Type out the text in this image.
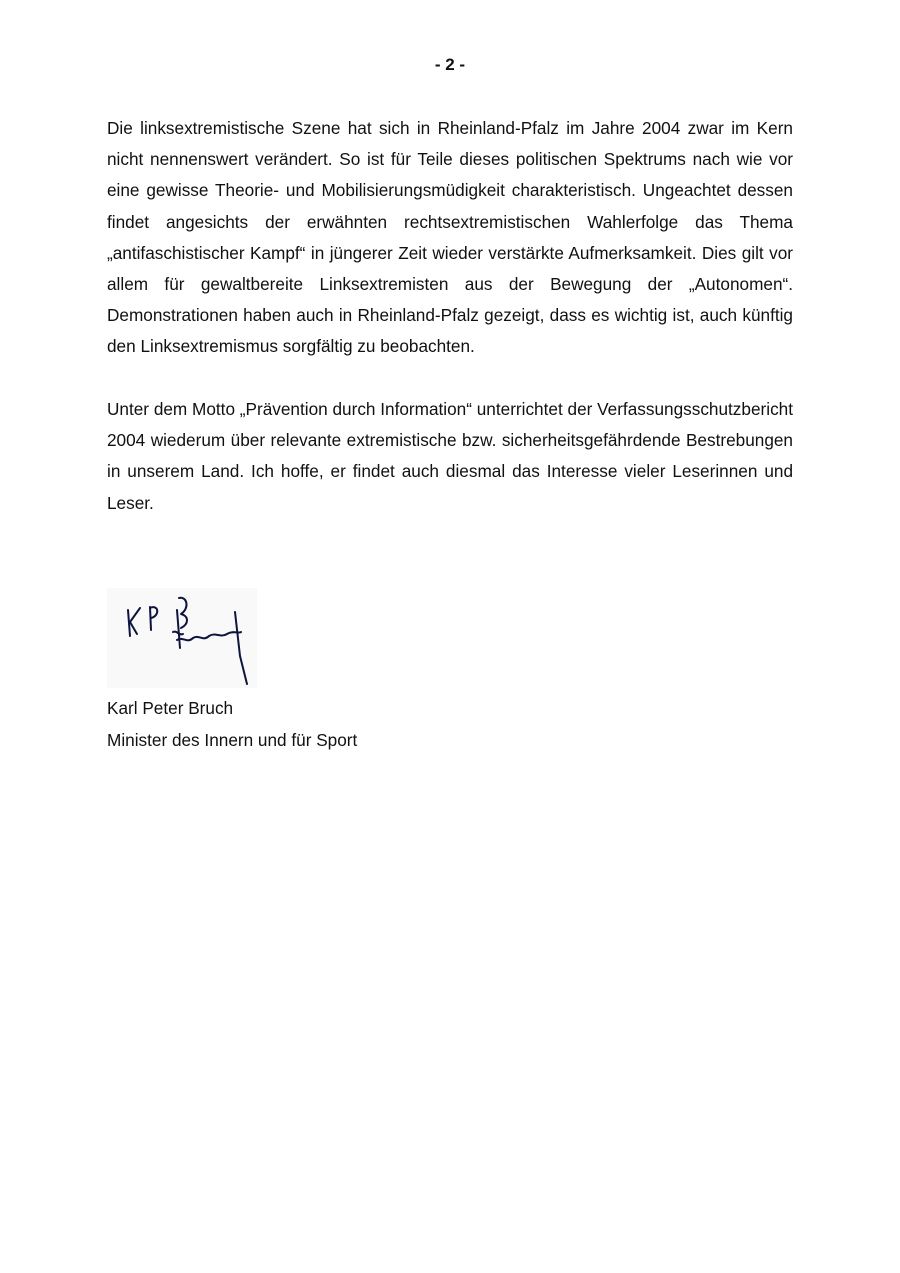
- 2 -

Die linksextremistische Szene hat sich in Rheinland-Pfalz im Jahre 2004 zwar im Kern nicht nennenswert verändert. So ist für Teile dieses politischen Spektrums nach wie vor eine gewisse Theorie- und Mobilisierungsmüdigkeit charakteristisch. Ungeachtet dessen findet angesichts der erwähnten rechtsextremistischen Wahlerfolge das Thema „antifaschistischer Kampf“ in jüngerer Zeit wieder verstärkte Aufmerksamkeit. Dies gilt vor allem für gewaltbereite Linksextremisten aus der Bewegung der „Autonomen“. Demonstrationen haben auch in Rheinland-Pfalz gezeigt, dass es wichtig ist, auch künftig den Linksextremismus sorgfältig zu beobachten.

Unter dem Motto „Prävention durch Information“ unterrichtet der Verfassungsschutzbericht 2004 wiederum über relevante extremistische bzw. sicherheitsgefährdende Bestrebungen in unserem Land. Ich hoffe, er findet auch diesmal das Interesse vieler Leserinnen und Leser.

Karl Peter Bruch

Minister des Innern und für Sport
